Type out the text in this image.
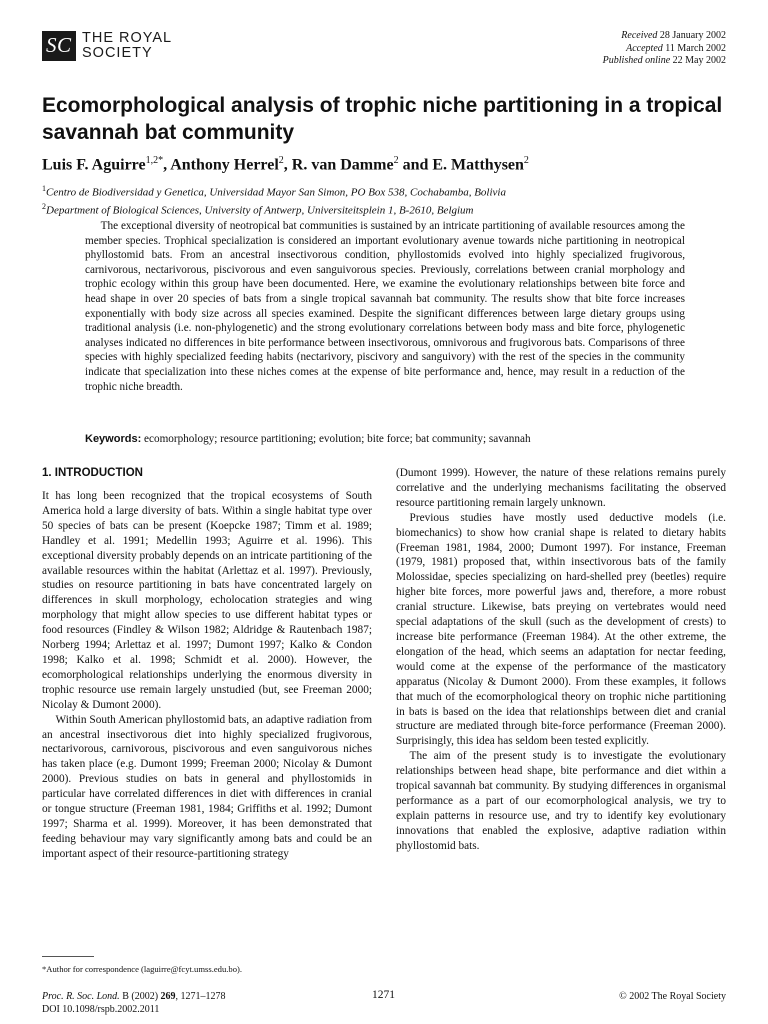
S C THE ROYAL
SOCIETY
Received 28 January 2002
Accepted 11 March 2002
Published online 22 May 2002
Ecomorphological analysis of trophic niche partitioning in a tropical savannah bat community
Luis F. Aguirre$^{1,2*}$, Anthony Herrel$^2$, R. van Damme$^2$ and E. Matthysen$^2$
$^1$Centro de Biodiversidad y Genetica, Universidad Mayor San Simon, PO Box 538, Cochabamba, Bolivia
$^2$Department of Biological Sciences, University of Antwerp, Universiteitsplein 1, B-2610, Belgium
The exceptional diversity of neotropical bat communities is sustained by an intricate partitioning of available resources among the member species. Trophical specialization is considered an important evolutionary avenue towards niche partitioning in neotropical phyllostomid bats. From an ancestral insectivorous condition, phyllostomids evolved into highly specialized frugivorous, carnivorous, nectarivorous, piscivorous and even sanguivorous species. Previously, correlations between cranial morphology and trophic ecology within this group have been documented. Here, we examine the evolutionary relationships between bite force and head shape in over 20 species of bats from a single tropical savannah bat community. The results show that bite force increases exponentially with body size across all species examined. Despite the significant differences between large dietary groups using traditional analysis (i.e. non-phylogenetic) and the strong evolutionary correlations between body mass and bite force, phylogenetic analyses indicated no differences in bite performance between insectivorous, omnivorous and frugivorous bats. Comparisons of three species with highly specialized feeding habits (nectarivory, piscivory and sanguivory) with the rest of the species in the community indicate that specialization into these niches comes at the expense of bite performance and, hence, may result in a reduction of the trophic niche breadth.
Keywords: ecomorphology; resource partitioning; evolution; bite force; bat community; savannah
1. INTRODUCTION

It has long been recognized that the tropical ecosystems of South America hold a large diversity of bats. Within a single habitat type over 50 species of bats can be present (Koepcke 1987; Timm et al. 1989; Handley et al. 1991; Medellin 1993; Aguirre et al. 1996). This exceptional diversity probably depends on an intricate partitioning of the available resources within the habitat (Arlettaz et al. 1997). Previously, studies on resource partitioning in bats have concentrated largely on differences in skull morphology, echolocation strategies and wing morphology that might allow species to use different habitat types or food resources (Findley & Wilson 1982; Aldridge & Rautenbach 1987; Norberg 1994; Arlettaz et al. 1997; Dumont 1997; Kalko & Condon 1998; Kalko et al. 1998; Schmidt et al. 2000). However, the ecomorphological relationships underlying the enormous diversity in trophic resource use remain largely unstudied (but, see Freeman 2000; Nicolay & Dumont 2000).

Within South American phyllostomid bats, an adaptive radiation from an ancestral insectivorous diet into highly specialized frugivorous, nectarivorous, carnivorous, piscivorous and even sanguivorous niches has taken place (e.g. Dumont 1999; Freeman 2000; Nicolay & Dumont 2000). Previous studies on bats in general and phyllostomids in particular have correlated differences in diet with differences in cranial or tongue structure (Freeman 1981, 1984; Griffiths et al. 1992; Dumont 1997; Sharma et al. 1999). Moreover, it has been demonstrated that feeding behaviour may vary significantly among bats and could be an important aspect of their resource-partitioning strategy

(Dumont 1999). However, the nature of these relations remains purely correlative and the underlying mechanisms facilitating the observed resource partitioning remain largely unknown.

Previous studies have mostly used deductive models (i.e. biomechanics) to show how cranial shape is related to dietary habits (Freeman 1981, 1984, 2000; Dumont 1997). For instance, Freeman (1979, 1981) proposed that, within insectivorous bats of the family Molossidae, species specializing on hard-shelled prey (beetles) require higher bite forces, more powerful jaws and, therefore, a more robust cranial structure. Likewise, bats preying on vertebrates would need special adaptations of the skull (such as the development of crests) to increase bite performance (Freeman 1984). At the other extreme, the elongation of the head, which seems an adaptation for nectar feeding, would come at the expense of the performance of the masticatory apparatus (Nicolay & Dumont 2000). From these examples, it follows that much of the ecomorphological theory on trophic niche partitioning in bats is based on the idea that relationships between diet and cranial structure are mediated through bite-force performance (Freeman 2000). Surprisingly, this idea has seldom been tested explicitly.

The aim of the present study is to investigate the evolutionary relationships between head shape, bite performance and diet within a tropical savannah bat community. By studying differences in organismal performance as a part of our ecomorphological analysis, we try to explain patterns in resource use, and try to identify key evolutionary innovations that enabled the explosive, adaptive radiation within phyllostomid bats.

*Author for correspondence (laguirre@fcyt.umss.edu.bo).
Proc. R. Soc. Lond. B (2002) 269, 1271–1278	1271	© 2002 The Royal Society
DOI 10.1098/rspb.2002.2011
